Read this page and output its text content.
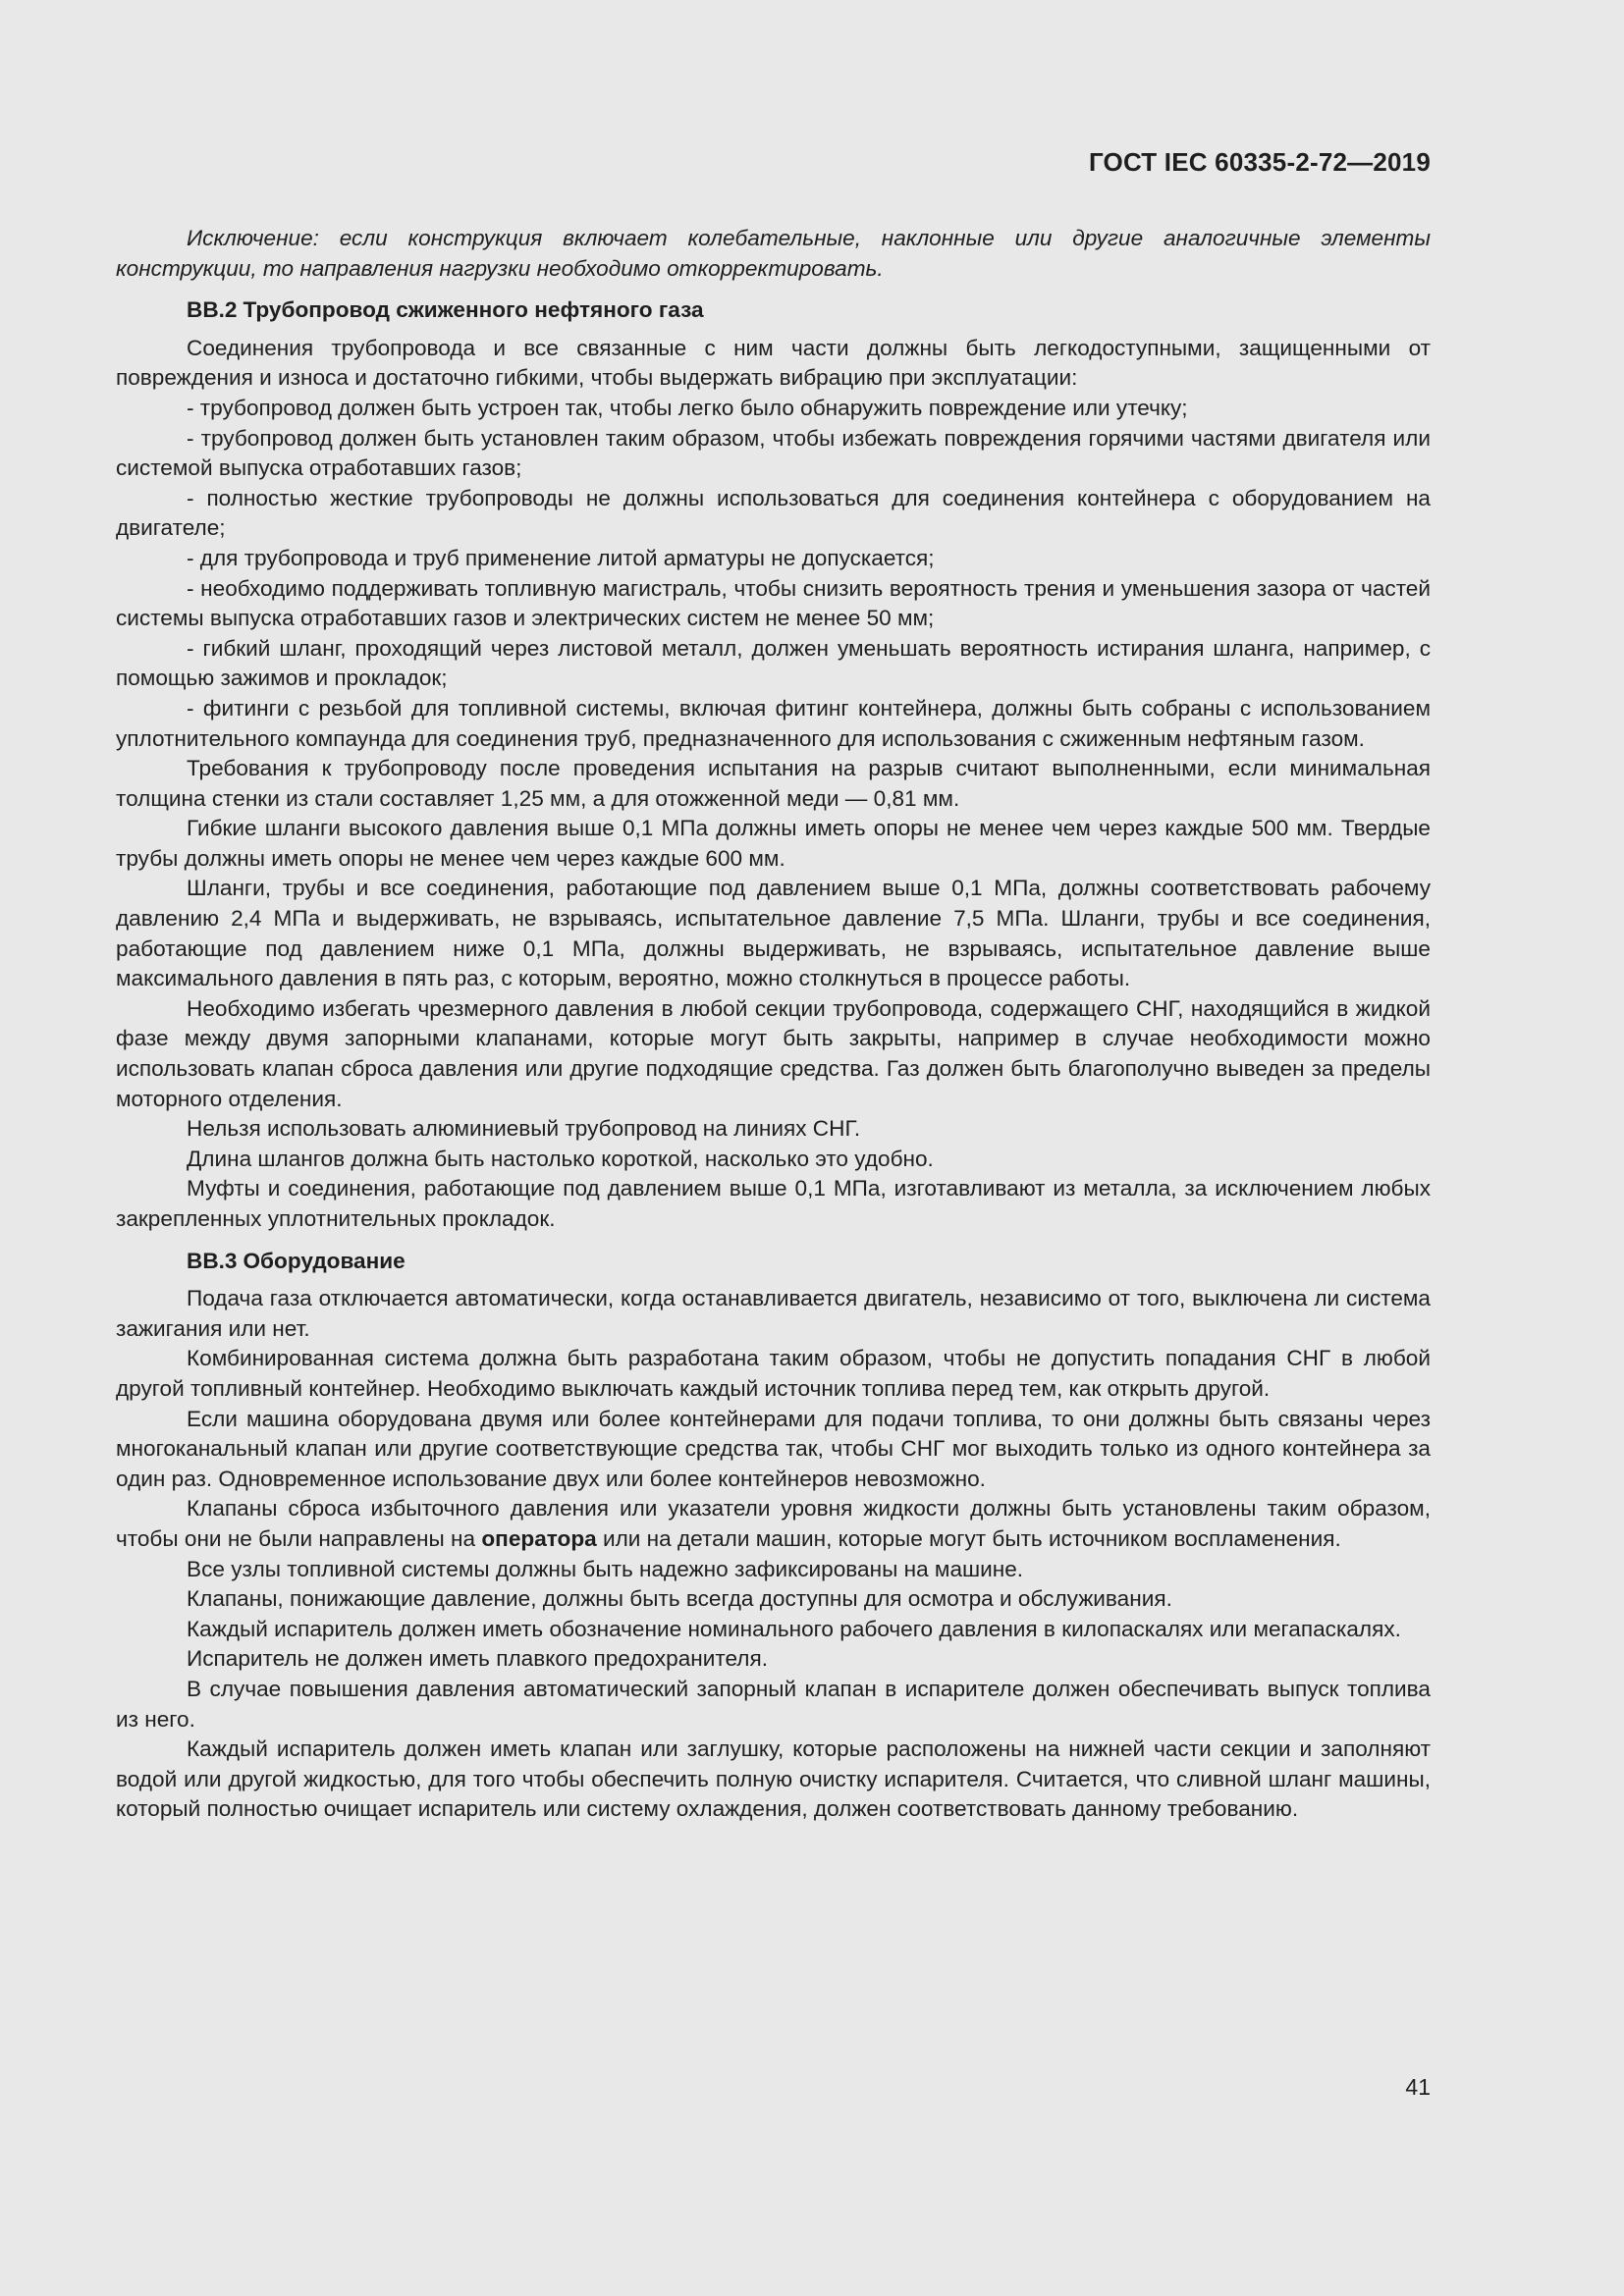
ГОСТ IEC 60335-2-72—2019

Исключение: если конструкция включает колебательные, наклонные или другие аналогичные элементы конструкции, то направления нагрузки необходимо откорректировать.

ВВ.2 Трубопровод сжиженного нефтяного газа

Соединения трубопровода и все связанные с ним части должны быть легкодоступными, защищенными от повреждения и износа и достаточно гибкими, чтобы выдержать вибрацию при эксплуатации:

- трубопровод должен быть устроен так, чтобы легко было обнаружить повреждение или утечку;

- трубопровод должен быть установлен таким образом, чтобы избежать повреждения горячими частями двигателя или системой выпуска отработавших газов;

- полностью жесткие трубопроводы не должны использоваться для соединения контейнера с оборудованием на двигателе;

- для трубопровода и труб применение литой арматуры не допускается;

- необходимо поддерживать топливную магистраль, чтобы снизить вероятность трения и уменьшения зазора от частей системы выпуска отработавших газов и электрических систем не менее 50 мм;

- гибкий шланг, проходящий через листовой металл, должен уменьшать вероятность истирания шланга, например, с помощью зажимов и прокладок;

- фитинги с резьбой для топливной системы, включая фитинг контейнера, должны быть собраны с использованием уплотнительного компаунда для соединения труб, предназначенного для использования с сжиженным нефтяным газом.

Требования к трубопроводу после проведения испытания на разрыв считают выполненными, если минимальная толщина стенки из стали составляет 1,25 мм, а для отожженной меди — 0,81 мм.

Гибкие шланги высокого давления выше 0,1 МПа должны иметь опоры не менее чем через каждые 500 мм. Твердые трубы должны иметь опоры не менее чем через каждые 600 мм.

Шланги, трубы и все соединения, работающие под давлением выше 0,1 МПа, должны соответствовать рабочему давлению 2,4 МПа и выдерживать, не взрываясь, испытательное давление 7,5 МПа. Шланги, трубы и все соединения, работающие под давлением ниже 0,1 МПа, должны выдерживать, не взрываясь, испытательное давление выше максимального давления в пять раз, с которым, вероятно, можно столкнуться в процессе работы.

Необходимо избегать чрезмерного давления в любой секции трубопровода, содержащего СНГ, находящийся в жидкой фазе между двумя запорными клапанами, которые могут быть закрыты, например в случае необходимости можно использовать клапан сброса давления или другие подходящие средства. Газ должен быть благополучно выведен за пределы моторного отделения.

Нельзя использовать алюминиевый трубопровод на линиях СНГ.

Длина шлангов должна быть настолько короткой, насколько это удобно.

Муфты и соединения, работающие под давлением выше 0,1 МПа, изготавливают из металла, за исключением любых закрепленных уплотнительных прокладок.

ВВ.3 Оборудование

Подача газа отключается автоматически, когда останавливается двигатель, независимо от того, выключена ли система зажигания или нет.

Комбинированная система должна быть разработана таким образом, чтобы не допустить попадания СНГ в любой другой топливный контейнер. Необходимо выключать каждый источник топлива перед тем, как открыть другой.

Если машина оборудована двумя или более контейнерами для подачи топлива, то они должны быть связаны через многоканальный клапан или другие соответствующие средства так, чтобы СНГ мог выходить только из одного контейнера за один раз. Одновременное использование двух или более контейнеров невозможно.

Клапаны сброса избыточного давления или указатели уровня жидкости должны быть установлены таким образом, чтобы они не были направлены на оператора или на детали машин, которые могут быть источником воспламенения.

Все узлы топливной системы должны быть надежно зафиксированы на машине.

Клапаны, понижающие давление, должны быть всегда доступны для осмотра и обслуживания.

Каждый испаритель должен иметь обозначение номинального рабочего давления в килопаскалях или мегапаскалях.

Испаритель не должен иметь плавкого предохранителя.

В случае повышения давления автоматический запорный клапан в испарителе должен обеспечивать выпуск топлива из него.

Каждый испаритель должен иметь клапан или заглушку, которые расположены на нижней части секции и заполняют водой или другой жидкостью, для того чтобы обеспечить полную очистку испарителя. Считается, что сливной шланг машины, который полностью очищает испаритель или систему охлаждения, должен соответствовать данному требованию.

41
